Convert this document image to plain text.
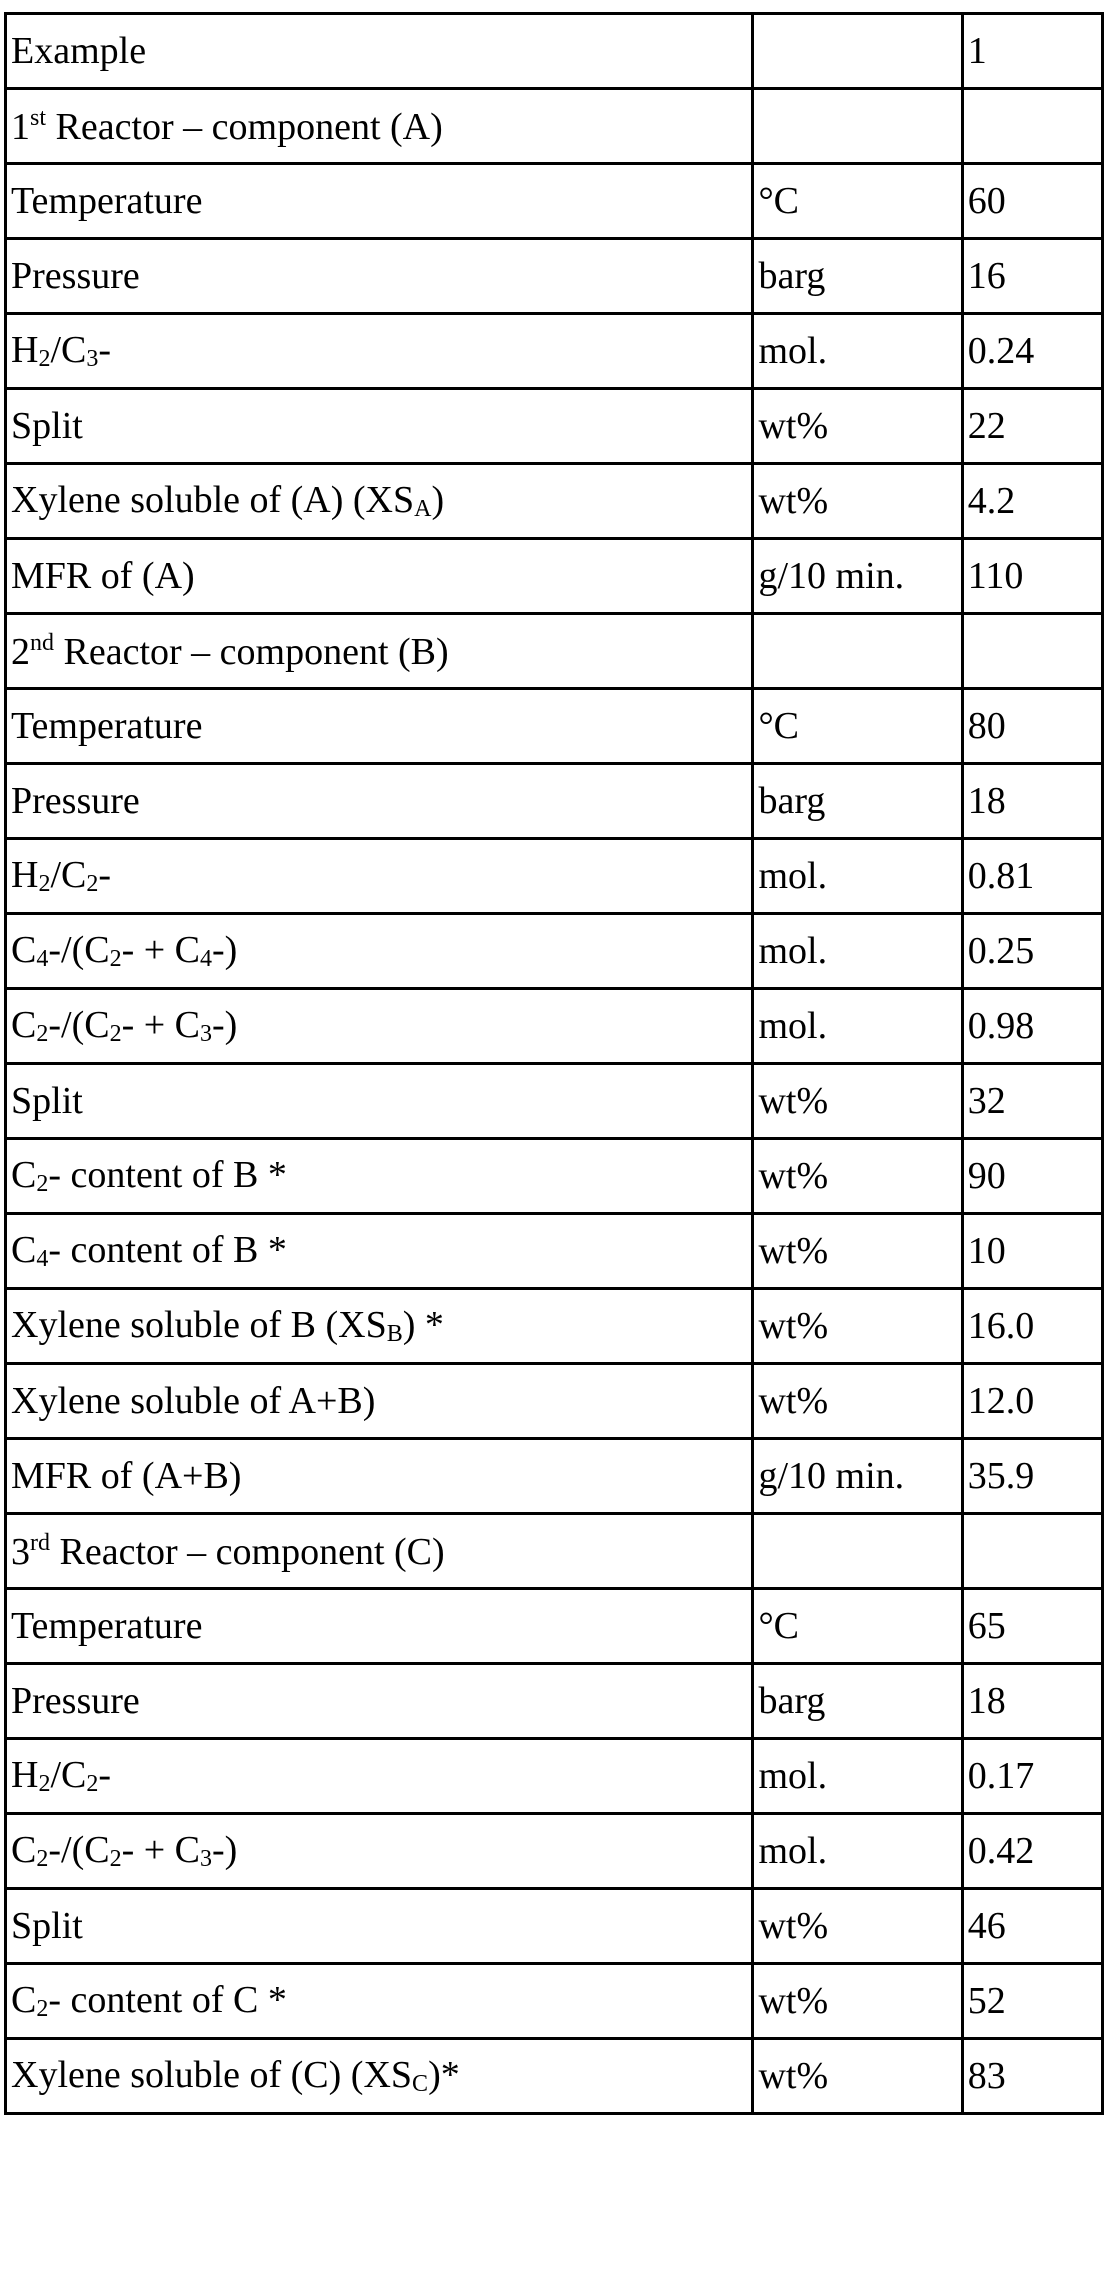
Example		1
1st Reactor – component (A)		
Temperature	°C	60
Pressure	barg	16
H2/C3-	mol.	0.24
Split	wt%	22
Xylene soluble of (A) (XSA)	wt%	4.2
MFR of (A)	g/10 min.	110
2nd Reactor – component (B)		
Temperature	°C	80
Pressure	barg	18
H2/C2-	mol.	0.81
C4-/(C2- + C4-)	mol.	0.25
C2-/(C2- + C3-)	mol.	0.98
Split	wt%	32
C2- content of B *	wt%	90
C4- content of B *	wt%	10
Xylene soluble of B (XSB) *	wt%	16.0
Xylene soluble of A+B)	wt%	12.0
MFR of (A+B)	g/10 min.	35.9
3rd Reactor – component (C)		
Temperature	°C	65
Pressure	barg	18
H2/C2-	mol.	0.17
C2-/(C2- + C3-)	mol.	0.42
Split	wt%	46
C2- content of C *	wt%	52
Xylene soluble of (C) (XSC)*	wt%	83
